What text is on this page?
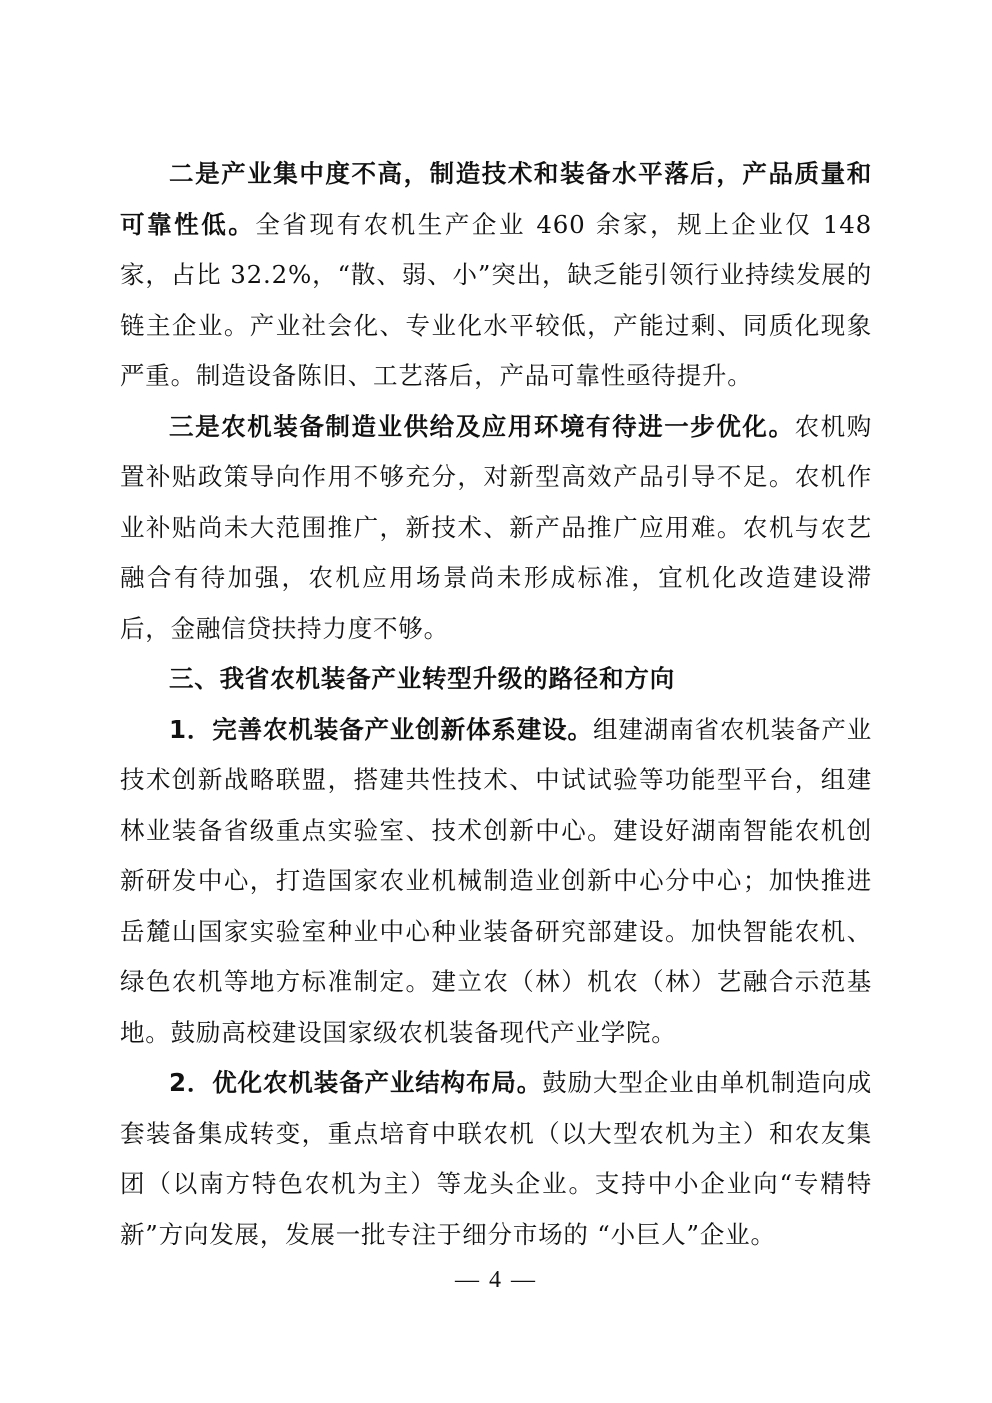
二是产业集中度不高，制造技术和装备水平落后，产品质量和可靠性低。全省现有农机生产企业 460 余家，规上企业仅 148 家，占比 32.2%，“散、弱、小”突出，缺乏能引领行业持续发展的链主企业。产业社会化、专业化水平较低，产能过剩、同质化现象严重。制造设备陈旧、工艺落后，产品可靠性亟待提升。

三是农机装备制造业供给及应用环境有待进一步优化。农机购置补贴政策导向作用不够充分，对新型高效产品引导不足。农机作业补贴尚未大范围推广，新技术、新产品推广应用难。农机与农艺融合有待加强，农机应用场景尚未形成标准，宜机化改造建设滞后，金融信贷扶持力度不够。

三、我省农机装备产业转型升级的路径和方向

1．完善农机装备产业创新体系建设。组建湖南省农机装备产业技术创新战略联盟，搭建共性技术、中试试验等功能型平台，组建林业装备省级重点实验室、技术创新中心。建设好湖南智能农机创新研发中心，打造国家农业机械制造业创新中心分中心；加快推进岳麓山国家实验室种业中心种业装备研究部建设。加快智能农机、绿色农机等地方标准制定。建立农（林）机农（林）艺融合示范基地。鼓励高校建设国家级农机装备现代产业学院。

2．优化农机装备产业结构布局。鼓励大型企业由单机制造向成套装备集成转变，重点培育中联农机（以大型农机为主）和农友集团（以南方特色农机为主）等龙头企业。支持中小企业向“专精特新”方向发展，发展一批专注于细分市场的 “小巨人”企业。

— 4 —
